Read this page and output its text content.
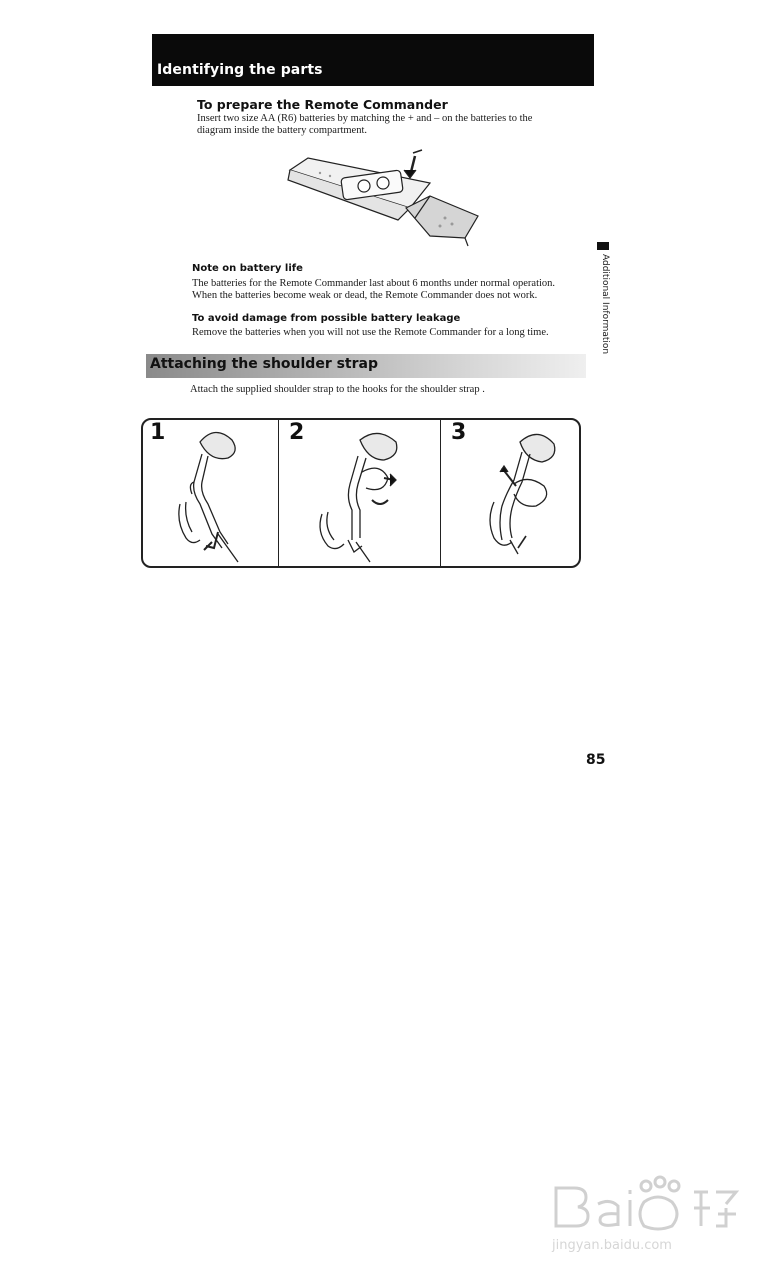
Identifying the parts
To prepare the Remote Commander
Insert two size AA (R6) batteries by matching the + and – on the batteries to the
diagram inside the battery compartment.
Note on battery life
The batteries for the Remote Commander last about 6 months under normal operation.
When the batteries become weak or dead, the Remote Commander does not work.
To avoid damage from possible battery leakage
Remove the batteries when you will not use the Remote Commander for a long time.	Additional Information
Attaching the shoulder strap
Attach the supplied shoulder strap to the hooks for the shoulder strap .
1	2	3
85
jingyan.baidu.com
